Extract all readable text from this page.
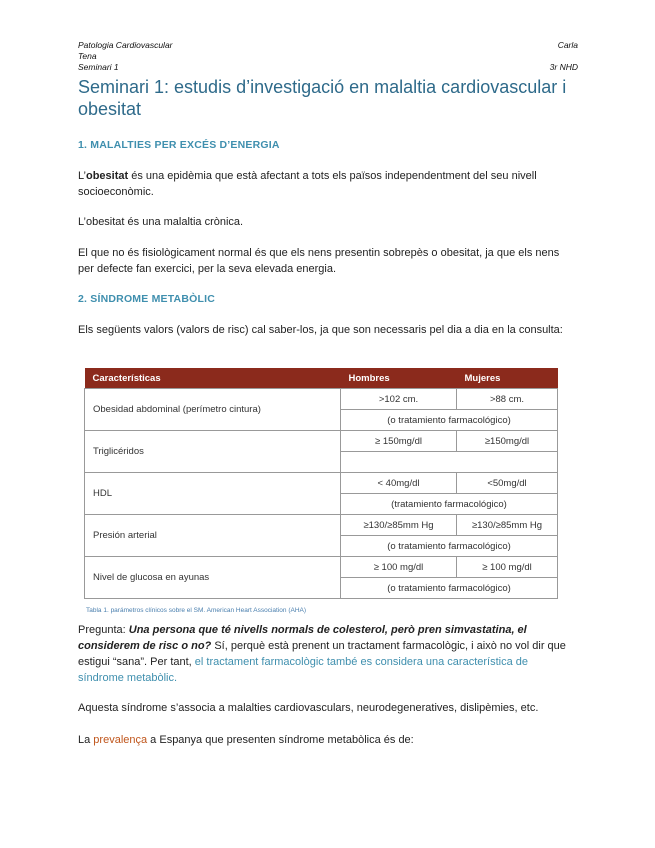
Patologia Cardiovascular	Carla
Tena
Seminari 1	3r NHD
Seminari 1: estudis d’investigació en malaltia cardiovascular i obesitat
1. MALALTIES PER EXCÉS D’ENERGIA

L’obesitat és una epidèmia que està afectant a tots els països independentment del seu nivell socioeconòmic.

L’obesitat és una malaltia crònica.

El que no és fisiològicament normal és que els nens presentin sobrepès o obesitat, ja que els nens per defecte fan exercici, per la seva elevada energia.

2. SÍNDROME METABÒLIC

Els següents valors (valors de risc) cal saber-los, ja que son necessaris pel dia a dia en la consulta:

Características	Hombres	Mujeres
Obesidad abdominal (perímetro cintura)	>102 cm.	>88 cm.
	(o tratamiento farmacológico)	
Triglicéridos	≥ 150mg/dl	≥150mg/dl

HDL	< 40mg/dl	<50mg/dl
	(tratamiento farmacológico)	
Presión arterial	≥130/≥85mm Hg	≥130/≥85mm Hg
	(o tratamiento farmacológico)	
Nivel de glucosa en ayunas	≥ 100 mg/dl	≥ 100 mg/dl
	(o tratamiento farmacológico)	
Tabla 1. parámetros clínicos sobre el SM. American Heart Association (AHA)

Pregunta: Una persona que té nivells normals de colesterol, però pren simvastatina, el considerem de risc o no? Sí, perquè està prenent un tractament farmacològic, i això no vol dir que estigui “sana”. Per tant, el tractament farmacològic també es considera una característica de síndrome metabòlic.

Aquesta síndrome s’associa a malalties cardiovasculars, neurodegeneratives, dislipèmies, etc.

La prevalença a Espanya que presenten síndrome metabòlica és de:
